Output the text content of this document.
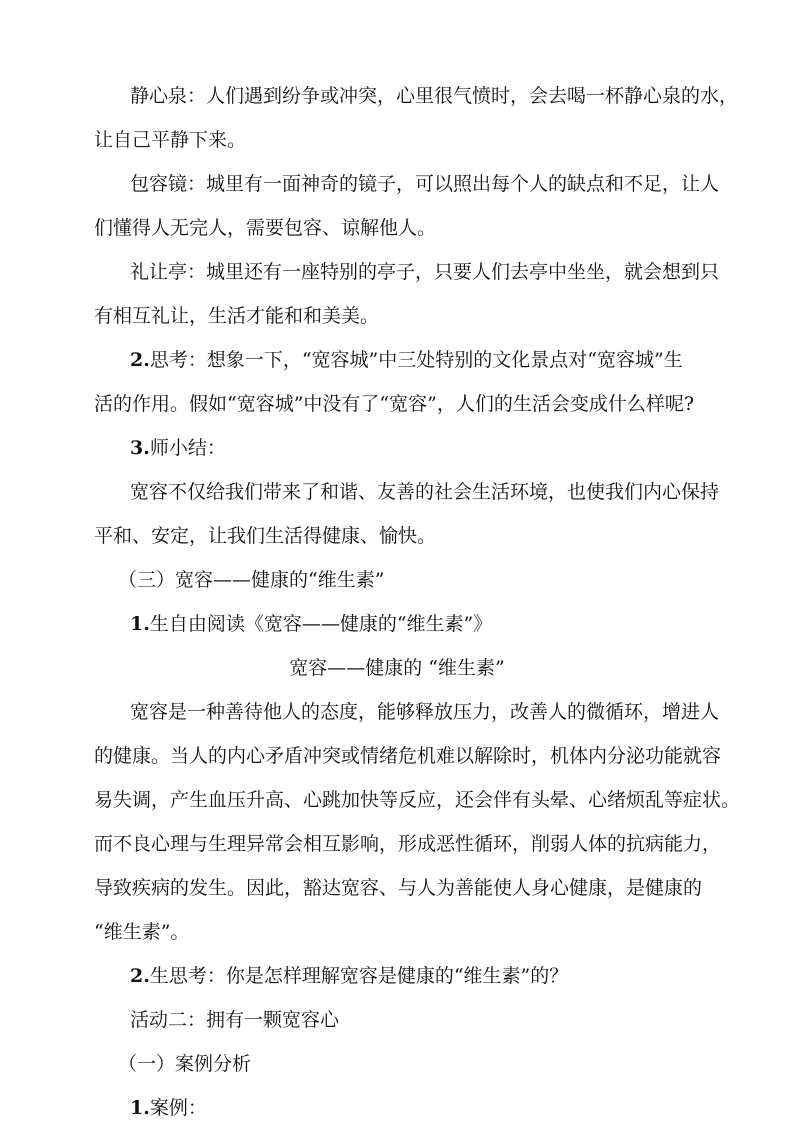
静心泉：人们遇到纷争或冲突，心里很气愤时，会去喝一杯静心泉的水，

让自己平静下来。

包容镜：城里有一面神奇的镜子，可以照出每个人的缺点和不足，让人

们懂得人无完人，需要包容、谅解他人。

礼让亭：城里还有一座特别的亭子，只要人们去亭中坐坐，就会想到只

有相互礼让，生活才能和和美美。

2.思考：想象一下，“宽容城”中三处特别的文化景点对“宽容城”生

活的作用。假如“宽容城”中没有了“宽容”，人们的生活会变成什么样呢?

3.师小结：

宽容不仅给我们带来了和谐、友善的社会生活环境，也使我们内心保持

平和、安定，让我们生活得健康、愉快。

（三）宽容——健康的“维生素”

1.生自由阅读《宽容——健康的“维生素”》

宽容——健康的 “维生素”

宽容是一种善待他人的态度，能够释放压力，改善人的微循环，增进人

的健康。当人的内心矛盾冲突或情绪危机难以解除时，机体内分泌功能就容

易失调，产生血压升高、心跳加快等反应，还会伴有头晕、心绪烦乱等症状。

而不良心理与生理异常会相互影响，形成恶性循环，削弱人体的抗病能力，

导致疾病的发生。因此，豁达宽容、与人为善能使人身心健康，是健康的

“维生素”。

2.生思考：你是怎样理解宽容是健康的“维生素”的？

活动二：拥有一颗宽容心

（一）案例分析

1.案例：
